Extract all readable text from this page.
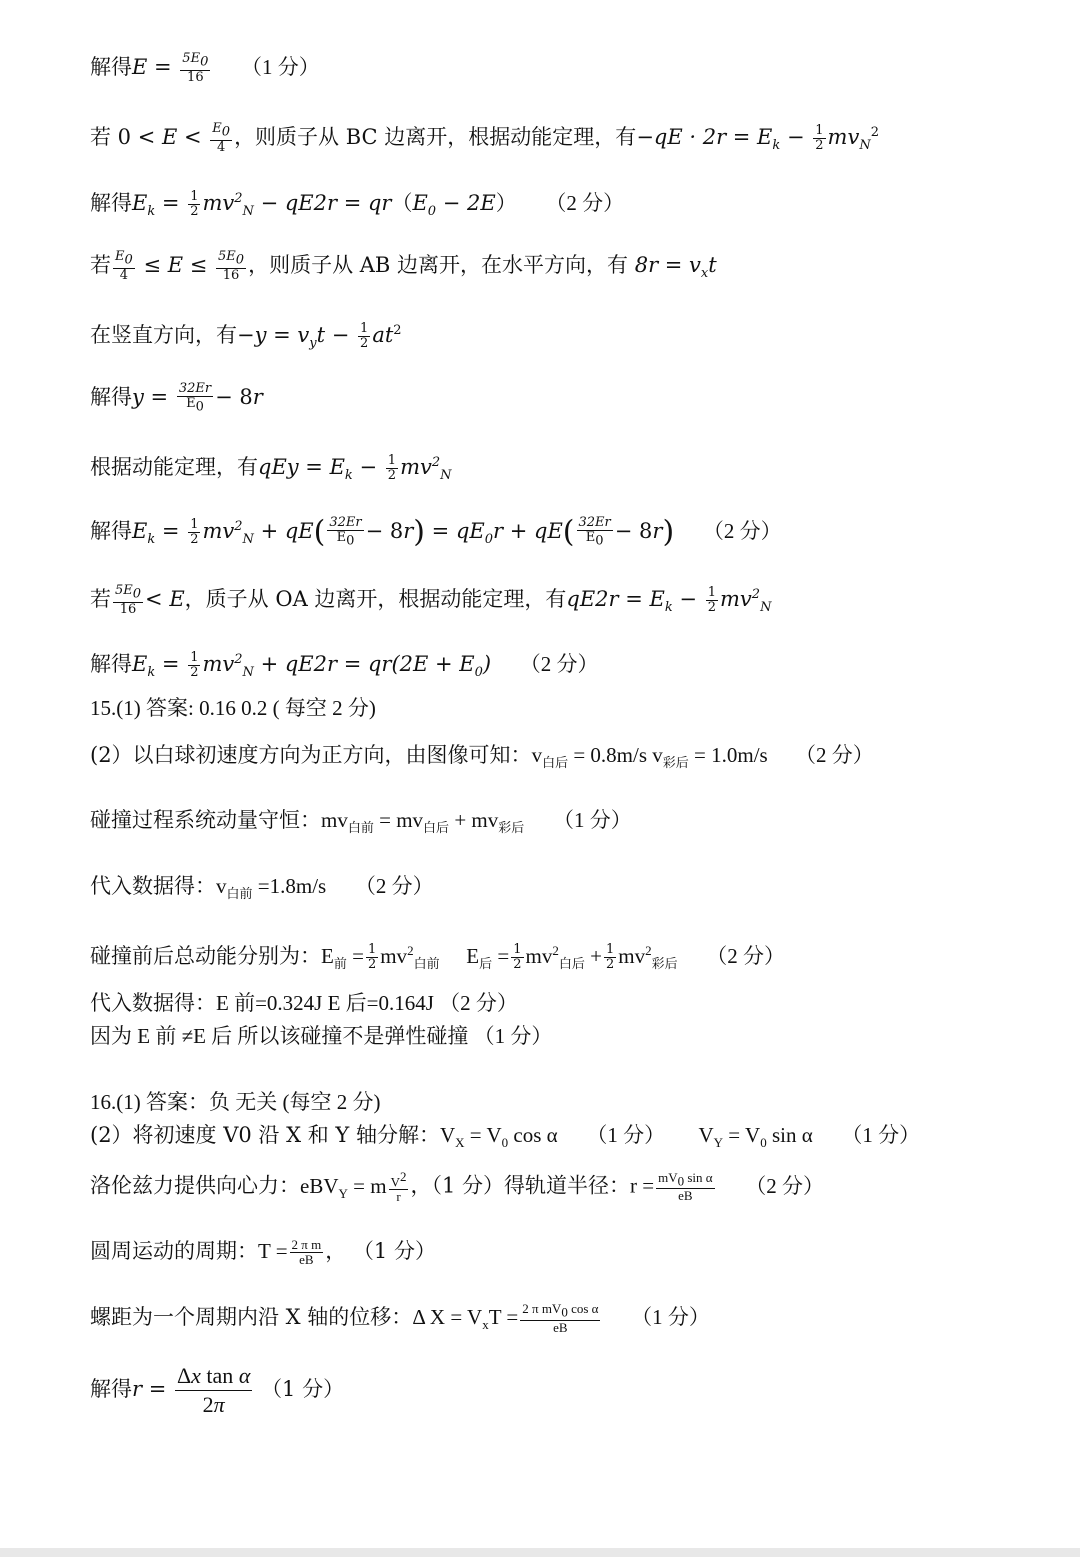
解得$E = \frac{5E_0}{16} (1$ 分）
若 $0 < E < \frac{E_0}{4}$ ，则质子从 BC 边离开，根据动能定理，有$-qE \cdot 2r = E_k - \frac{1}{2} mv_N^2$
解得$E_k = \frac{1}{2} mv^2_N - qE2r = qr(E_0 - 2E)$ （2 分）
若 $\frac{E_0}{4} \le E \le \frac{5E_0}{16}$ ，则质子从 AB 边离开，在水平方向，有 $8r = v_xt$
在竖直方向，有$-y = v_yt - \frac{1}{2} at^2$
解得$y = \frac{32Er}{E_0} - 8r$
根据动能定理，有qEy = $E_k - \frac{1}{2} mv^2_N$
解得$E_k = \frac{1}{2} mv^2_N + qE( \frac{32Er}{E_0} - 8r) = qE_0r + qE( \frac{32Er}{E_0} - 8r)$ （2 分）
若 $\frac{5E_0}{16} < E$，质子从 OA 边离开，根据动能定理，有$qE2r = E_k - \frac{1}{2} mv^2_N$
解得$E_k = \frac{1}{2} mv^2_N + qE2r = qr(2E + E_0)$ （2 分）
15.(1) 答案: 0.16 0.2 ( 每空 2 分)
(2）以白球初速度方向为正方向，由图像可知：$v_{白后} = 0.8m/s$ $v_{彩后} = 1.0m/s$ （2 分）
碰撞过程系统动量守恒：$mv_{白前} = mv_{白后} + mv_{彩后}$ （1 分）
代入数据得：$v_{白前} =1.8m/s$ （2 分）
碰撞前后总动能分别为：$E_前 = \frac{1}{2} mv^2_{白前}$ $E_后 = \frac{1}{2} mv^2_{白后} + \frac{1}{2} mv^2_{彩后}$ （2 分）
代入数据得：E 前=0.324J E 后=0.164J （2 分）
因为 E 前 ≠E 后 所以该碰撞不是弹性碰撞 （1 分）
16.(1) 答案：负 无关 (每空 2 分)
(2）将初速度 V0 沿 X 和 Y 轴分解：$V_X = V_0$ cos α （1 分） $V_Y = V_0$ sin α （1 分）
洛伦兹力提供向心力：eBV$_Y$ = m $\frac{V^2}{r}$ ，（1 分）得轨道半径：$r = \frac{mV_0 \sin \alpha}{eB} (2$ 分）
圆周运动的周期：$T = \frac{\text{2 π m}}{eB}$ ， （1 分）
螺距为一个周期内沿 X 轴的位移：Δ $X = V_xT = \frac{2 \pi mV_0 \cos \alpha}{eB} (1$ 分）
解得$r = \frac{\text{Δx tan α}}{2\pi} (1$ 分）
